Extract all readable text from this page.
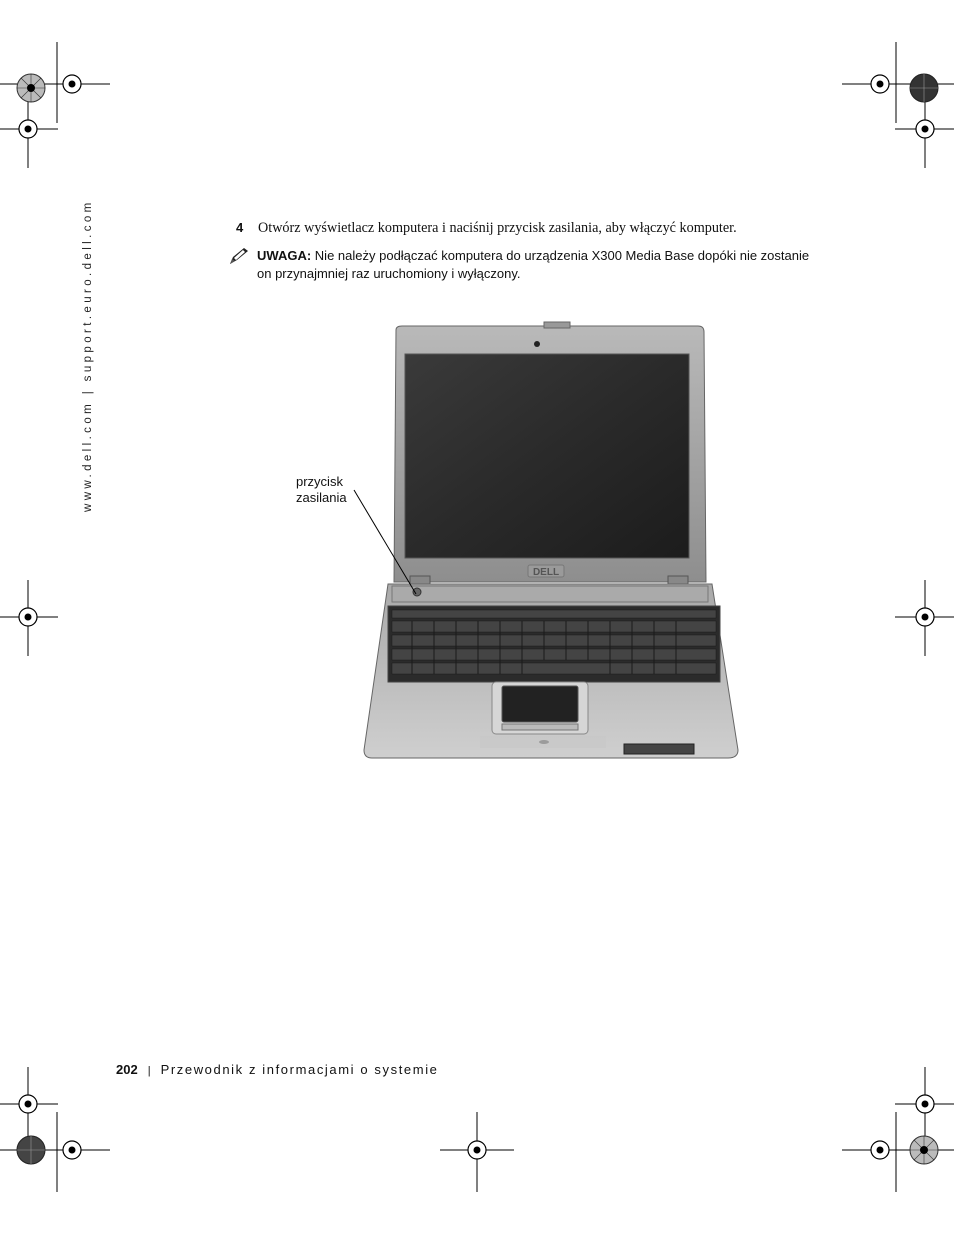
www.dell.com | support.euro.dell.com	4 Otwórz wyświetlacz komputera i naciśnij przycisk zasilania, aby włączyć komputer.
UWAGA: Nie należy podłączać komputera do urządzenia X300 Media Base dopóki nie zostanie on przynajmniej raz uruchomiony i wyłączony.
przycisk
zasilania
DELL
202 | Przewodnik z informacjami o systemie
